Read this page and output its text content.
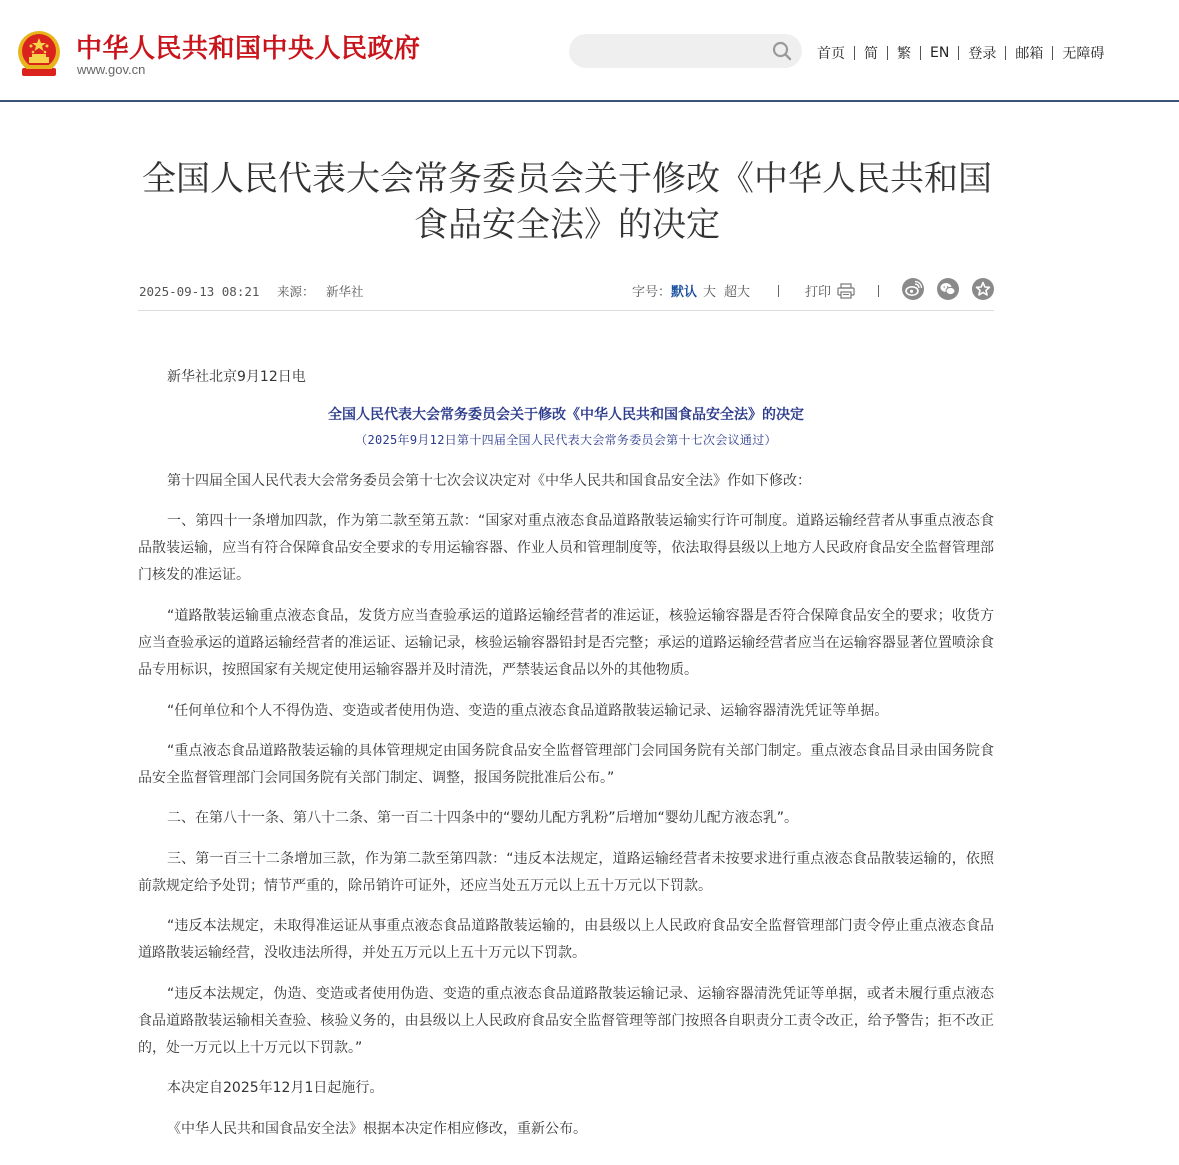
中华人民共和国中央人民政府
www.gov.cn
首页 简 繁 EN 登录 邮箱 无障碍
全国人民代表大会常务委员会关于修改《中华人民共和国
食品安全法》的决定
2025-09-13 08:21 来源： 新华社	字号：默认 大 超大	打印

新华社北京9月12日电

全国人民代表大会常务委员会关于修改《中华人民共和国食品安全法》的决定
（2025年9月12日第十四届全国人民代表大会常务委员会第十七次会议通过）

第十四届全国人民代表大会常务委员会第十七次会议决定对《中华人民共和国食品安全法》作如下修改：

一、第四十一条增加四款，作为第二款至第五款：“国家对重点液态食品道路散装运输实行许可制度。道路运输经营者从事重点液态食品散装运输，应当有符合保障食品安全要求的专用运输容器、作业人员和管理制度等，依法取得县级以上地方人民政府食品安全监督管理部门核发的准运证。

“道路散装运输重点液态食品，发货方应当查验承运的道路运输经营者的准运证，核验运输容器是否符合保障食品安全的要求；收货方应当查验承运的道路运输经营者的准运证、运输记录，核验运输容器铅封是否完整；承运的道路运输经营者应当在运输容器显著位置喷涂食品专用标识，按照国家有关规定使用运输容器并及时清洗，严禁装运食品以外的其他物质。

“任何单位和个人不得伪造、变造或者使用伪造、变造的重点液态食品道路散装运输记录、运输容器清洗凭证等单据。

“重点液态食品道路散装运输的具体管理规定由国务院食品安全监督管理部门会同国务院有关部门制定。重点液态食品目录由国务院食品安全监督管理部门会同国务院有关部门制定、调整，报国务院批准后公布。”

二、在第八十一条、第八十二条、第一百二十四条中的“婴幼儿配方乳粉”后增加“婴幼儿配方液态乳”。

三、第一百三十二条增加三款，作为第二款至第四款：“违反本法规定，道路运输经营者未按要求进行重点液态食品散装运输的，依照前款规定给予处罚；情节严重的，除吊销许可证外，还应当处五万元以上五十万元以下罚款。

“违反本法规定，未取得准运证从事重点液态食品道路散装运输的，由县级以上人民政府食品安全监督管理部门责令停止重点液态食品道路散装运输经营，没收违法所得，并处五万元以上五十万元以下罚款。

“违反本法规定，伪造、变造或者使用伪造、变造的重点液态食品道路散装运输记录、运输容器清洗凭证等单据，或者未履行重点液态食品道路散装运输相关查验、核验义务的，由县级以上人民政府食品安全监督管理等部门按照各自职责分工责令改正，给予警告；拒不改正的，处一万元以上十万元以下罚款。”

本决定自2025年12月1日起施行。

《中华人民共和国食品安全法》根据本决定作相应修改，重新公布。
